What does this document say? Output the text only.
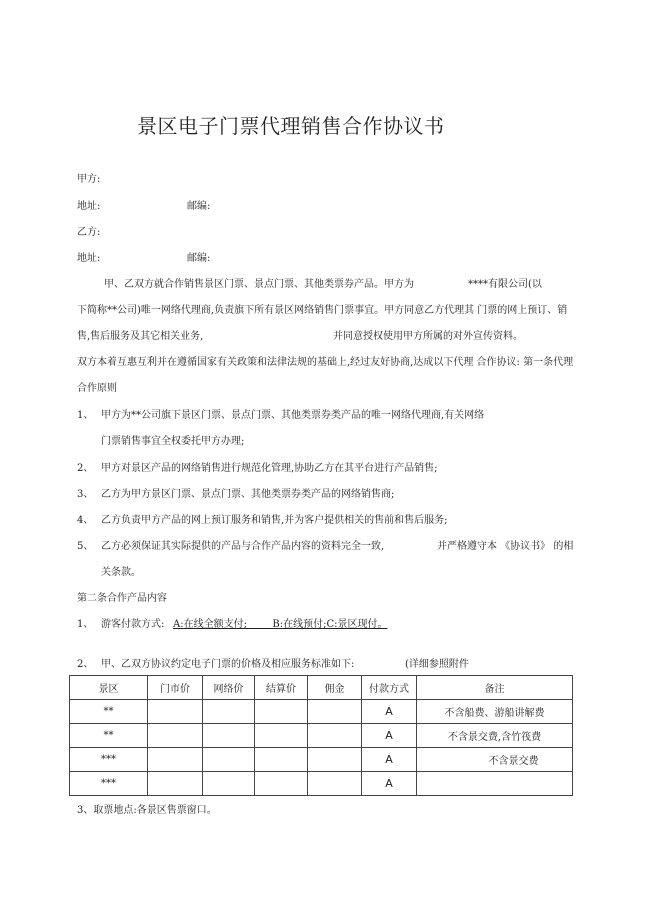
景区电子门票代理销售合作协议书
甲方:
地址:	邮编:
乙方:
地址:	邮编:
甲、乙双方就合作销售景区门票、景点门票、其他类票券产品。甲方为	****有限公司(以
下简称**公司)唯一网络代理商,负责旗下所有景区网络销售门票事宜。甲方同意乙方代理其 门票的网上预订、销
售,售后服务及其它相关业务,	并同意授权使用甲方所属的对外宣传资料。
双方本着互惠互利并在遵循国家有关政策和法律法规的基础上,经过友好协商,达成以下代理 合作协议: 第一条代理
合作原则
1、 甲方为**公司旗下景区门票、景点门票、其他类票券类产品的唯一网络代理商,有关网络
门票销售事宜全权委托甲方办理;
2、 甲方对景区产品的网络销售进行规范化管理,协助乙方在其平台进行产品销售;
3、 乙方为甲方景区门票、景点门票、其他类票券类产品的网络销售商;
4、 乙方负责甲方产品的网上预订服务和销售,并为客户提供相关的售前和售后服务;
5、 乙方必须保证其实际提供的产品与合作产品内容的资料完全一致,	并严格遵守本 《协议书》 的相
关条款。
第二条合作产品内容
1、 游客付款方式: A:在线全额支付;        B:在线预付;C:景区现付。
2、 甲、乙双方协议约定电子门票的价格及相应服务标准如下:	(详细参照附件
景区	门市价	网络价	结算价	佣金	付款方式	备注
**					A	不含船费、游船讲解费
**					A	不含景交费,含竹筏费
***					A	不含景交费
***					A	
3、取票地点:各景区售票窗口。
